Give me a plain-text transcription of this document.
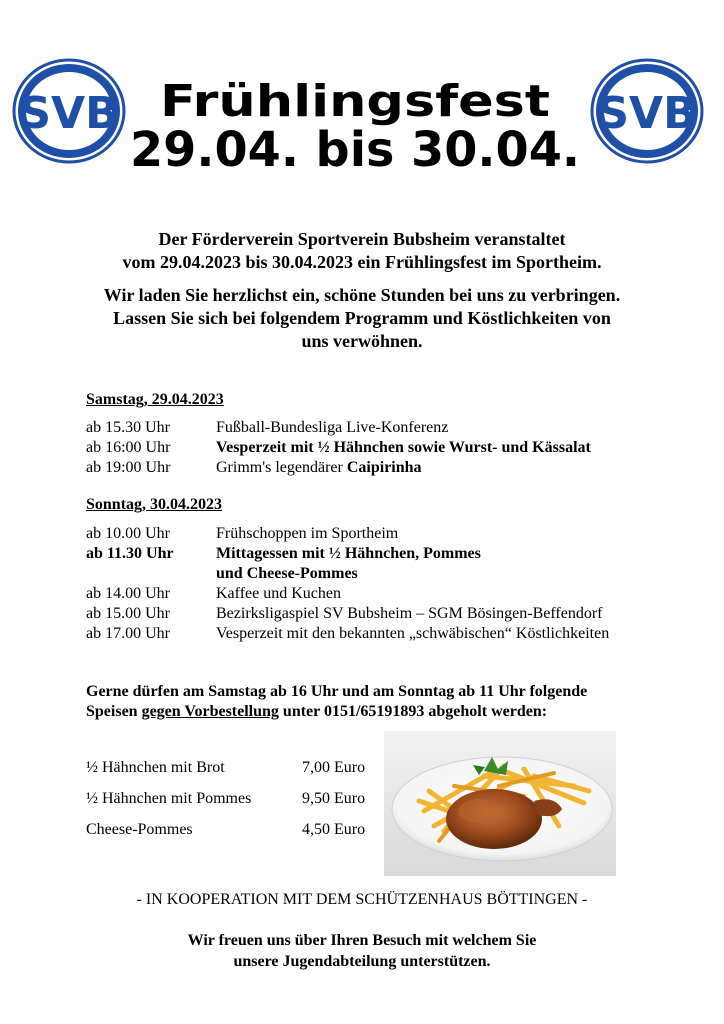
SVB	SVB
Frühlingsfest
29.04. bis 30.04.

Der Förderverein Sportverein Bubsheim veranstaltet

vom 29.04.2023 bis 30.04.2023 ein Frühlingsfest im Sportheim.

Wir laden Sie herzlichst ein, schöne Stunden bei uns zu verbringen.

Lassen Sie sich bei folgendem Programm und Köstlichkeiten von

uns verwöhnen.

Samstag, 29.04.2023
ab 15.30 Uhr	Fußball-Bundesliga Live-Konferenz
ab 16:00 Uhr	Vesperzeit mit ½ Hähnchen sowie Wurst- und Kässalat
ab 19:00 Uhr	Grimm's legendärer Caipirinha
Sonntag, 30.04.2023
ab 10.00 Uhr	Frühschoppen im Sportheim
ab 11.30 Uhr	Mittagessen mit ½ Hähnchen, Pommes
und Cheese-Pommes
ab 14.00 Uhr	Kaffee und Kuchen
ab 15.00 Uhr	Bezirksligaspiel SV Bubsheim – SGM Bösingen-Beffendorf
ab 17.00 Uhr	Vesperzeit mit den bekannten „schwäbischen“ Köstlichkeiten

Gerne dürfen am Samstag ab 16 Uhr und am Sonntag ab 11 Uhr folgende

Speisen gegen Vorbestellung unter 0151/65191893 abgeholt werden:

½ Hähnchen mit Brot	7,00 Euro
½ Hähnchen mit Pommes	9,50 Euro
Cheese-Pommes	4,50 Euro
- IN KOOPERATION MIT DEM SCHÜTZENHAUS BÖTTINGEN -

Wir freuen uns über Ihren Besuch mit welchem Sie

unsere Jugendabteilung unterstützen.
